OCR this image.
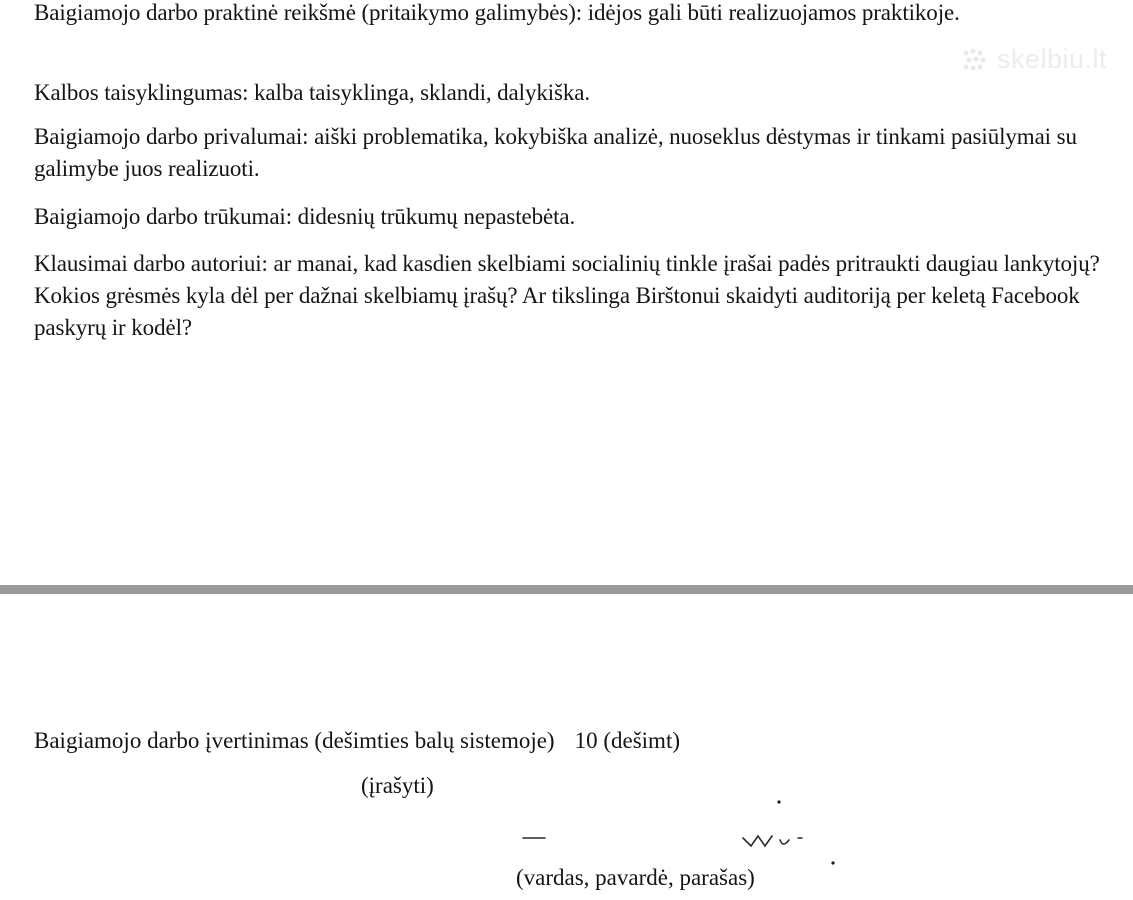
Baigiamojo darbo praktinė reikšmė (pritaikymo galimybės): idėjos gali būti realizuojamos praktikoje.

Kalbos taisyklingumas: kalba taisyklinga, sklandi, dalykiška.

Baigiamojo darbo privalumai: aiški problematika, kokybiška analizė, nuoseklus dėstymas ir tinkami pasiūlymai su galimybe juos realizuoti.

Baigiamojo darbo trūkumai: didesnių trūkumų nepastebėta.

Klausimai darbo autoriui: ar manai, kad kasdien skelbiami socialinių tinkle įrašai padės pritraukti daugiau lankytojų? Kokios grėsmės kyla dėl per dažnai skelbiamų įrašų? Ar tikslinga Birštonui skaidyti auditoriją per keletą Facebook paskyrų ir kodėl?

skelbiu.lt
Baigiamojo darbo įvertinimas (dešimties balų sistemoje) 10 (dešimt)
(įrašyti)
(vardas, pavardė, parašas)
